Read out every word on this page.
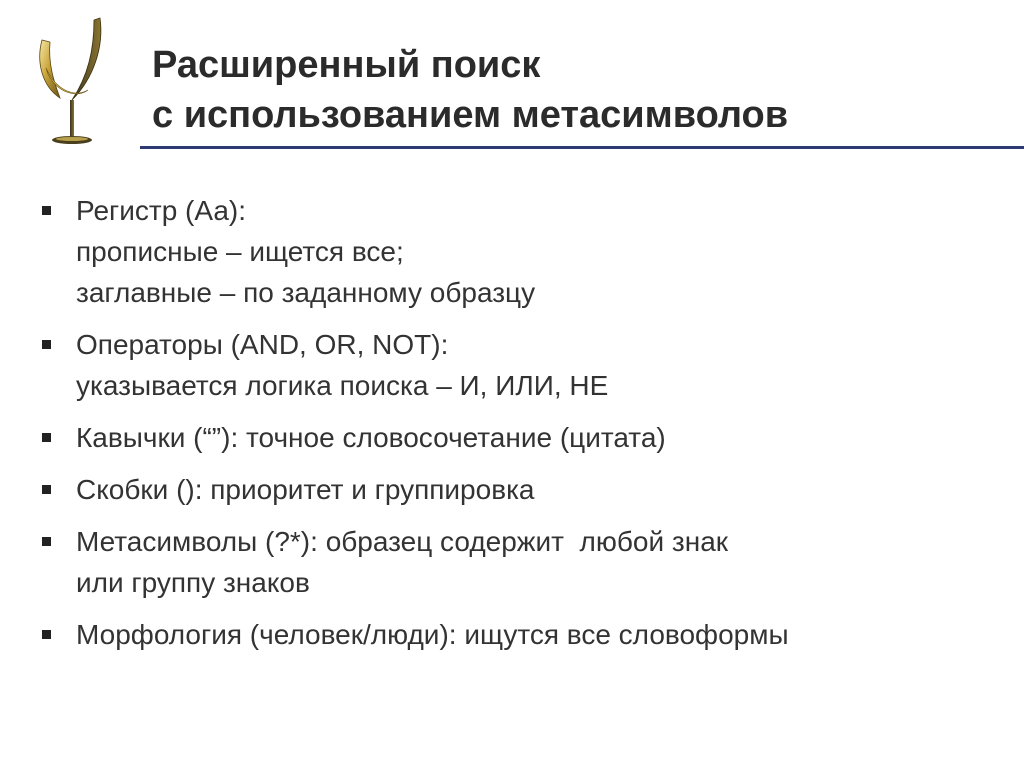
Расширенный поиск
с использованием метасимволов
Регистр (Аа):
прописные – ищется все;
заглавные – по заданному образцу
Операторы (AND, OR, NOT):
указывается логика поиска – И, ИЛИ, НЕ
Кавычки (“”): точное словосочетание (цитата)
Скобки (): приоритет и группировка
Метасимволы (?*): образец содержит  любой знак
или группу знаков
Морфология (человек/люди): ищутся все словоформы
